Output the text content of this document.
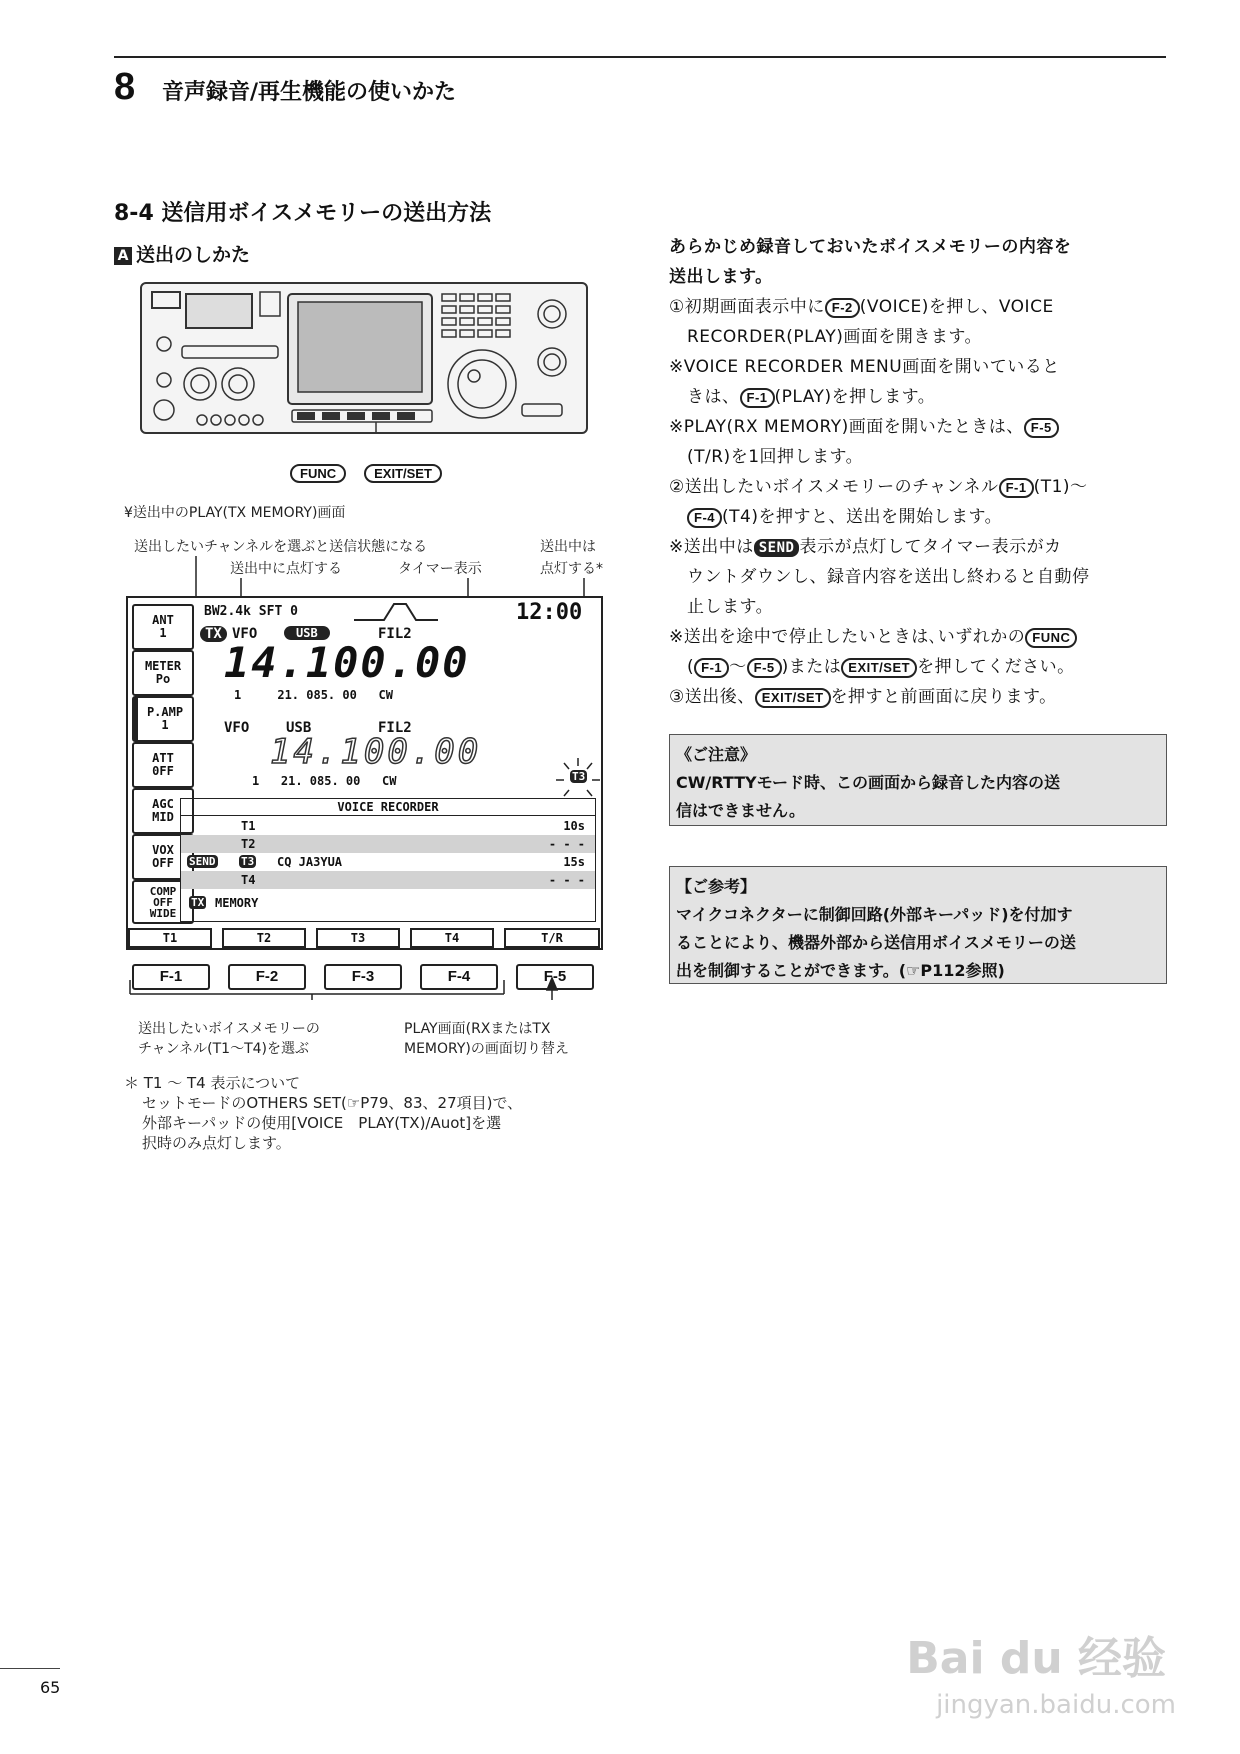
8 音声録音/再生機能の使いかた
8-4 送信用ボイスメモリーの送出方法
A 送出のしかた
FUNC	EXIT/SET
¥送出中のPLAY(TX MEMORY)画面
送出したいチャンネルを選ぶと送信状態になる
送出中に点灯する	タイマー表示
送出中は
点灯する*
ANT
1
METER
Po
P.AMP
1
ATT
0FF
AGC
MID
VOX
OFF
COMP
OFF
WIDE
BW2.4k SFT 0	12:00
TX VFO	USB	FIL2
14.100.00
1     21. 085. 00   CW
VFO	USB	FIL2
14.100.00
1   21. 085. 00   CW	T3
VOICE RECORDER
T1	10s
T2	- - -
SEND T3 CQ JA3YUA	15s
T4	- - -
TX MEMORY
T1	T2	T3	T4	T/R
F-1	F-2	F-3	F-4	F-5
送出したいボイスメモリーの
チャンネル(T1〜T4)を選ぶ
PLAY画面(RXまたはTX
MEMORY)の画面切り替え
＊ T1 〜 T4 表示について
セットモードのOTHERS SET(☞P79、83、27項目)で、
外部キーパッドの使用[VOICE　PLAY(TX)/Auot]を選
択時のみ点灯します。

あらかじめ録音しておいたボイスメモリーの内容を

送出します。

①初期画面表示中に F-2 (VOICE)を押し、VOICE

RECORDER(PLAY)画面を開きます。

※VOICE RECORDER MENU画面を開いていると

きは、 F-1 (PLAY)を押します。

※PLAY(RX MEMORY)画面を開いたときは、 F-5

(T/R)を1回押します。

②送出したいボイスメモリーのチャンネル F-1 (T1)〜

F-4 (T4)を押すと、送出を開始します。

※送出中は SEND 表示が点灯してタイマー表示がカ

ウントダウンし、録音内容を送出し終わると自動停

止します。

※送出を途中で停止したいときは､いずれかの FUNC

( F-1 〜 F-5 )または EXIT/SET を押してください。

③送出後、 EXIT/SET を押すと前画面に戻ります。

《ご注意》
CW/RTTYモード時、この画面から録音した内容の送
信はできません。
【ご参考】
マイクコネクターに制御回路(外部キーパッド)を付加す
ることにより、機器外部から送信用ボイスメモリーの送
出を制御することができます。(☞P112参照)
65
Bai du 经验
jingyan.baidu.com
